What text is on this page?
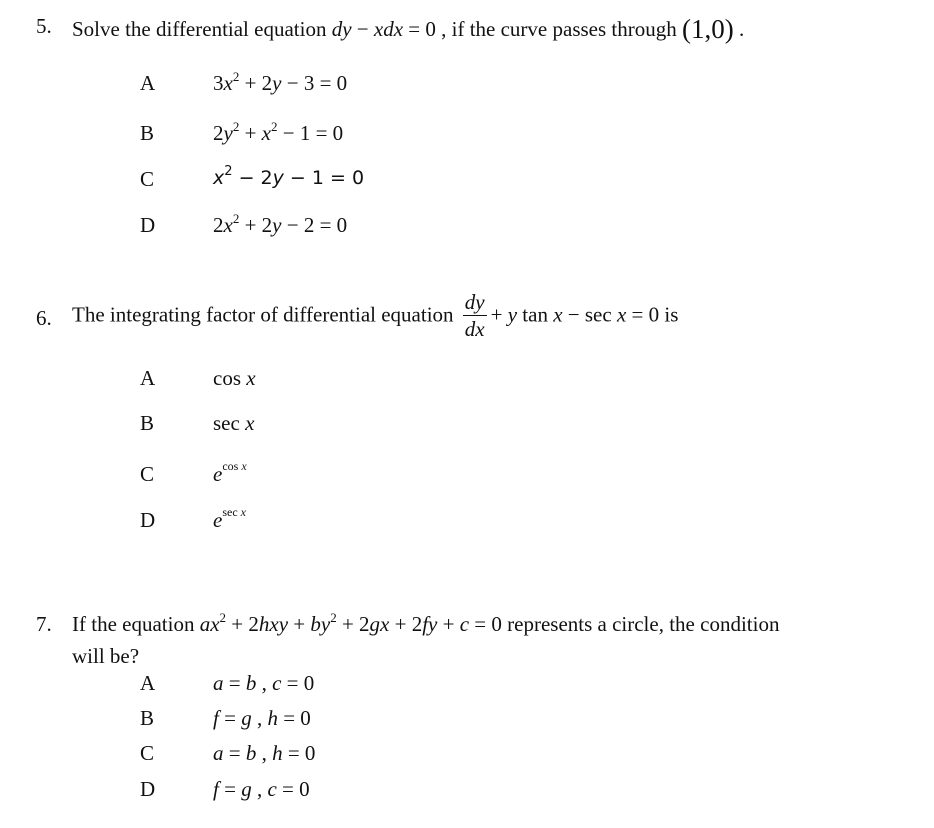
5. Solve the differential equation dy − xdx = 0 , if the curve passes through (1,0) .
A	$3x^2 + 2y - 3 = 0$
B	$2y^2 + x^2 - 1 = 0$
C	$x^2 - 2y - 1 = 0$
D	$2x^2 + 2y - 2 = 0$
6. The integrating factor of differential equation $\frac{dy}{dx} + y$ tan x − sec x = 0 is
A	cos x
B	sec x
C	$e^{cos x}$
D	$e^{sec x}$
7. If the equation $ax^2 + 2hxy + by^2 + 2gx + 2fy + c = 0$ represents a circle, the condition
will be?
A	a = b , c = 0
B	f = g , h = 0
C	a = b , h = 0
D	f = g , c = 0
